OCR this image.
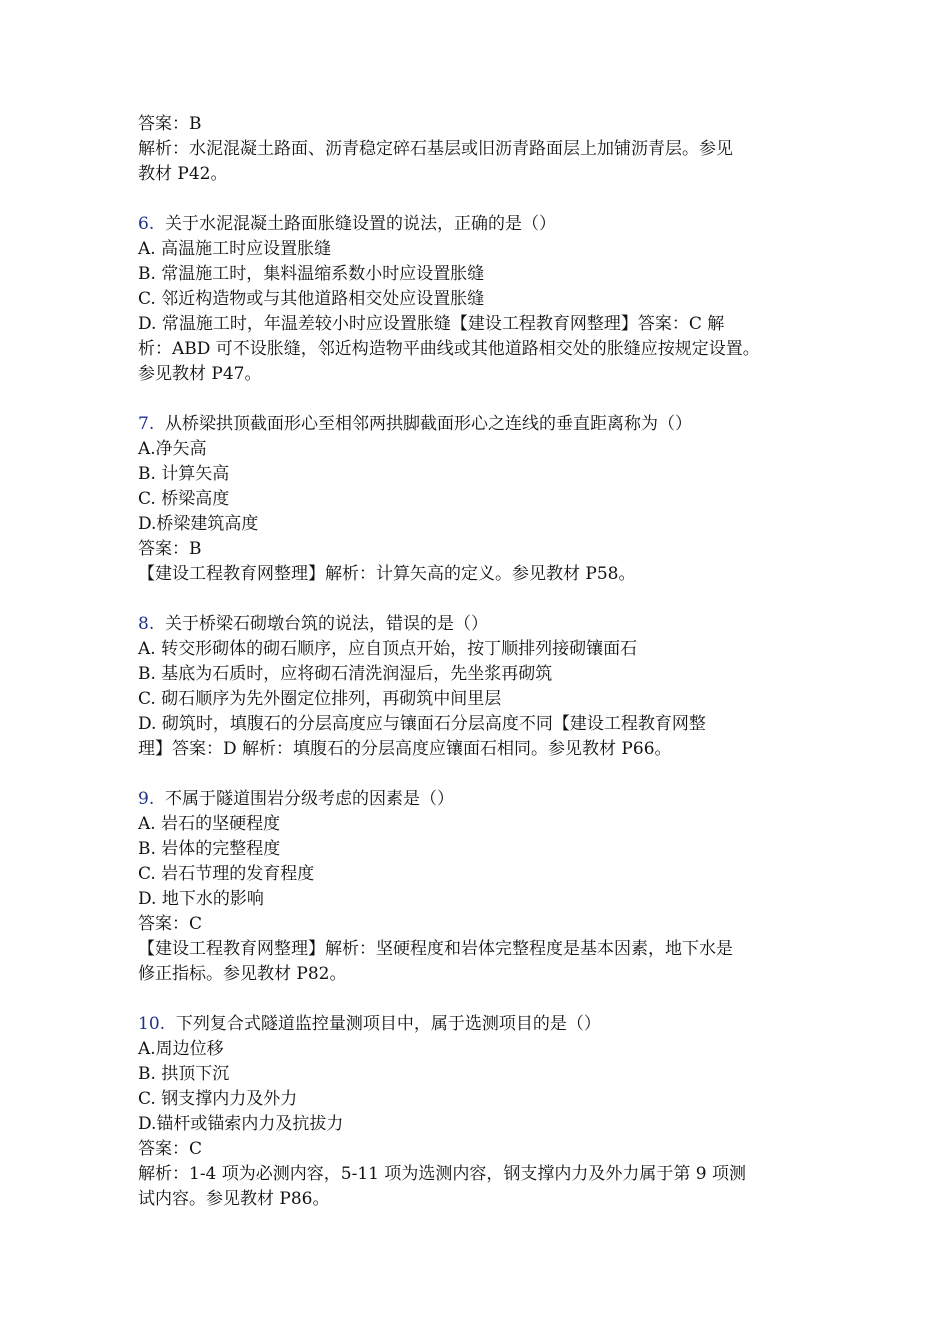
答案：B
解析：水泥混凝土路面、沥青稳定碎石基层或旧沥青路面层上加铺沥青层。参见
教材 P42。
6. 关于水泥混凝土路面胀缝设置的说法，正确的是（）
A. 高温施工时应设置胀缝
B. 常温施工时，集料温缩系数小时应设置胀缝
C. 邻近构造物或与其他道路相交处应设置胀缝
D. 常温施工时，年温差较小时应设置胀缝【建设工程教育网整理】答案：C 解
析：ABD 可不设胀缝，邻近构造物平曲线或其他道路相交处的胀缝应按规定设置。
参见教材 P47。
7. 从桥梁拱顶截面形心至相邻两拱脚截面形心之连线的垂直距离称为（）
A.净矢高
B. 计算矢高
C. 桥梁高度
D.桥梁建筑高度
答案：B
【建设工程教育网整理】解析：计算矢高的定义。参见教材 P58。
8. 关于桥梁石砌墩台筑的说法，错误的是（）
A. 转交形砌体的砌石顺序，应自顶点开始，按丁顺排列接砌镶面石
B. 基底为石质时，应将砌石清洗润湿后，先坐浆再砌筑
C. 砌石顺序为先外圈定位排列，再砌筑中间里层
D. 砌筑时，填腹石的分层高度应与镶面石分层高度不同【建设工程教育网整
理】答案：D 解析：填腹石的分层高度应镶面石相同。参见教材 P66。
9. 不属于隧道围岩分级考虑的因素是（）
A. 岩石的坚硬程度
B. 岩体的完整程度
C. 岩石节理的发育程度
D. 地下水的影响
答案：C
【建设工程教育网整理】解析：坚硬程度和岩体完整程度是基本因素，地下水是
修正指标。参见教材 P82。
10. 下列复合式隧道监控量测项目中，属于选测项目的是（）
A.周边位移
B. 拱顶下沉
C. 钢支撑内力及外力
D.锚杆或锚索内力及抗拔力
答案：C
解析：1-4 项为必测内容，5-11 项为选测内容，钢支撑内力及外力属于第 9 项测
试内容。参见教材 P86。
